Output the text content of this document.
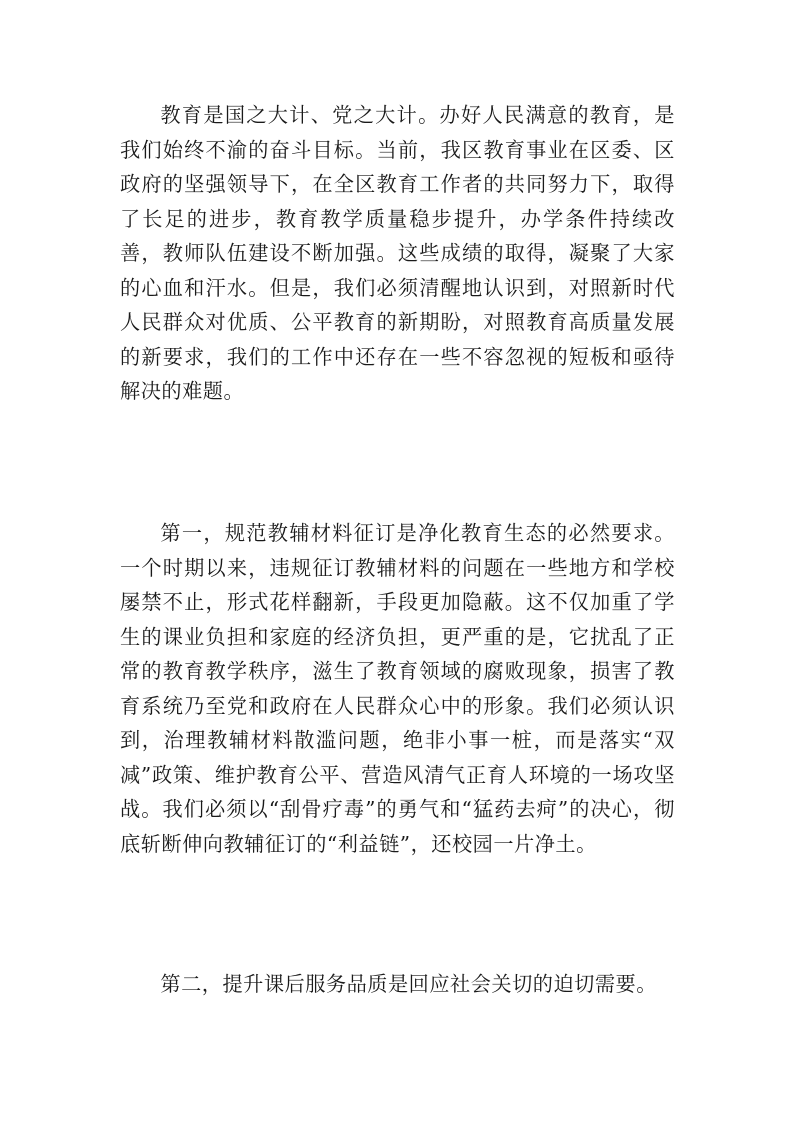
教育是国之大计、党之大计。办好人民满意的教育，是我们始终不渝的奋斗目标。当前，我区教育事业在区委、区政府的坚强领导下，在全区教育工作者的共同努力下，取得了长足的进步，教育教学质量稳步提升，办学条件持续改善，教师队伍建设不断加强。这些成绩的取得，凝聚了大家的心血和汗水。但是，我们必须清醒地认识到，对照新时代人民群众对优质、公平教育的新期盼，对照教育高质量发展的新要求，我们的工作中还存在一些不容忽视的短板和亟待解决的难题。

第一，规范教辅材料征订是净化教育生态的必然要求。一个时期以来，违规征订教辅材料的问题在一些地方和学校屡禁不止，形式花样翻新，手段更加隐蔽。这不仅加重了学生的课业负担和家庭的经济负担，更严重的是，它扰乱了正常的教育教学秩序，滋生了教育领域的腐败现象，损害了教育系统乃至党和政府在人民群众心中的形象。我们必须认识到，治理教辅材料散滥问题，绝非小事一桩，而是落实“双减”政策、维护教育公平、营造风清气正育人环境的一场攻坚战。我们必须以“刮骨疗毒”的勇气和“猛药去疴”的决心，彻底斩断伸向教辅征订的“利益链”，还校园一片净土。

第二，提升课后服务品质是回应社会关切的迫切需要。
